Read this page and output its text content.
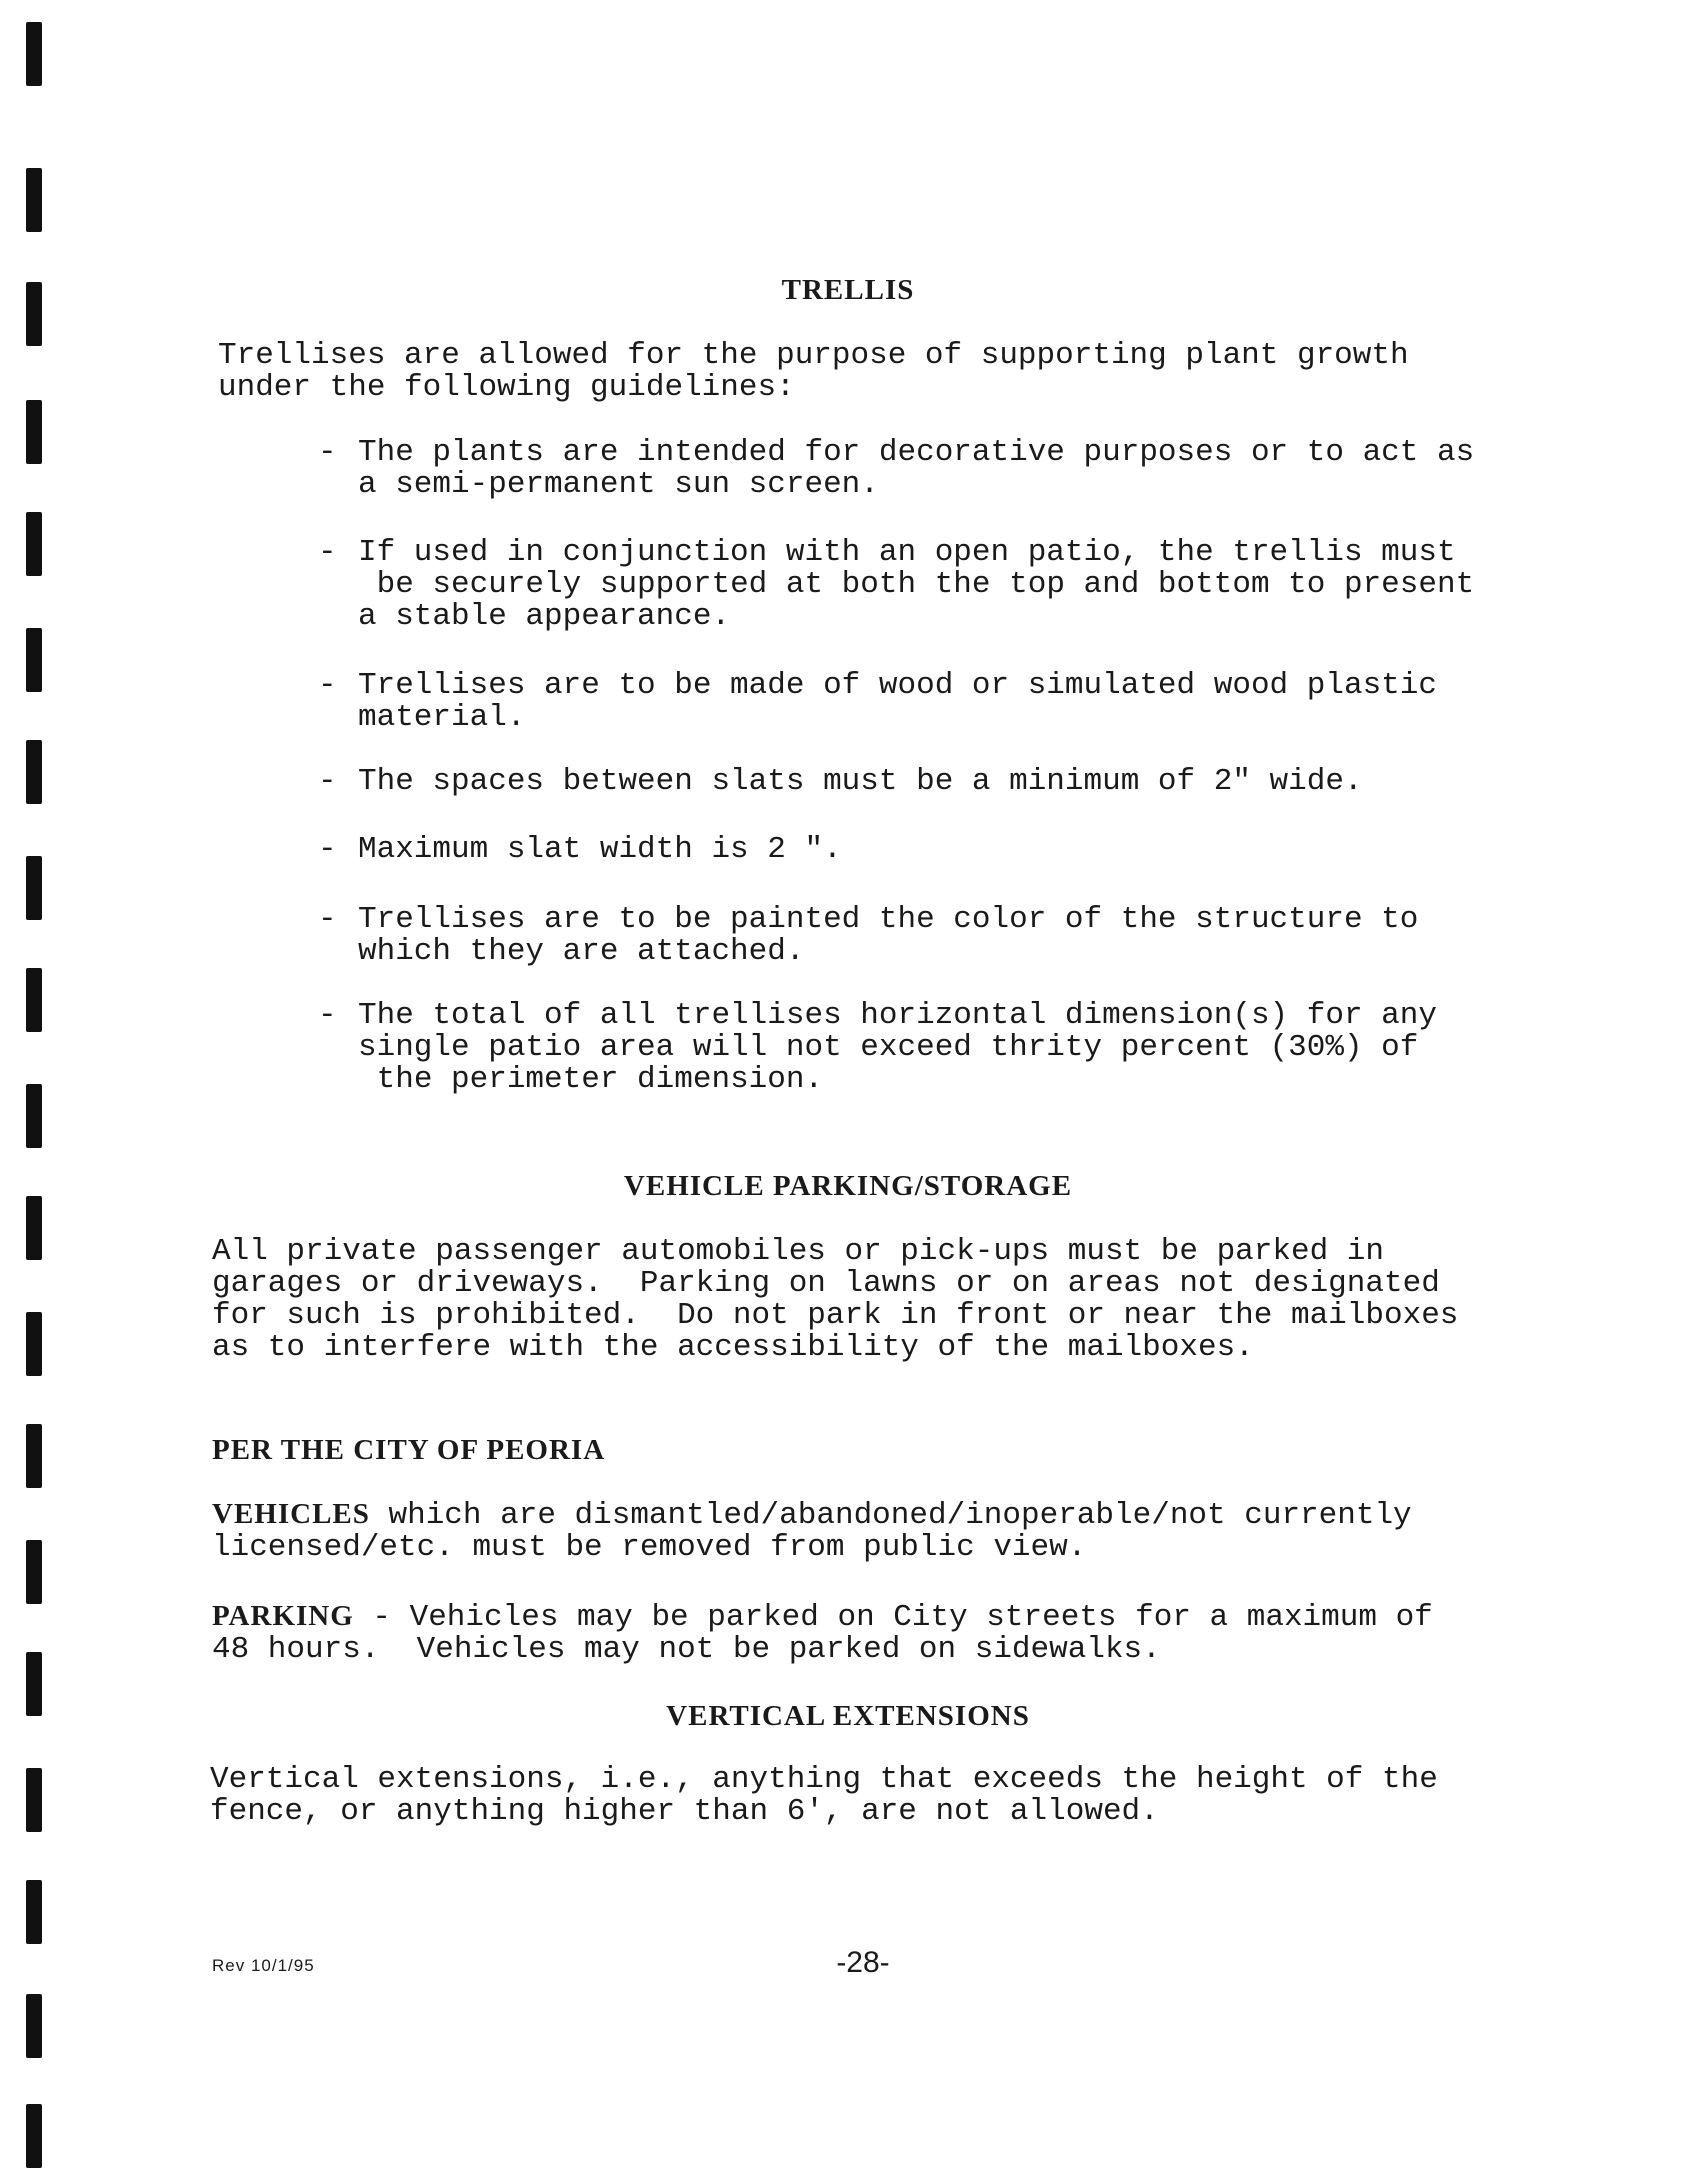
TRELLIS
Trellises are allowed for the purpose of supporting plant growth
under the following guidelines:
- The plants are intended for decorative purposes or to act as
a semi-permanent sun screen.
- If used in conjunction with an open patio, the trellis must
be securely supported at both the top and bottom to present
a stable appearance.
- Trellises are to be made of wood or simulated wood plastic
material.
- The spaces between slats must be a minimum of 2" wide.
- Maximum slat width is 2 ".
- Trellises are to be painted the color of the structure to
which they are attached.
- The total of all trellises horizontal dimension(s) for any
single patio area will not exceed thrity percent (30%) of
the perimeter dimension.
VEHICLE PARKING/STORAGE
All private passenger automobiles or pick-ups must be parked in
garages or driveways.  Parking on lawns or on areas not designated
for such is prohibited.  Do not park in front or near the mailboxes
as to interfere with the accessibility of the mailboxes.
PER THE CITY OF PEORIA
VEHICLES which are dismantled/abandoned/inoperable/not currently
licensed/etc. must be removed from public view.
PARKING - Vehicles may be parked on City streets for a maximum of
48 hours.  Vehicles may not be parked on sidewalks.
VERTICAL EXTENSIONS
Vertical extensions, i.e., anything that exceeds the height of the
fence, or anything higher than 6', are not allowed.
Rev 10/1/95	-28-
